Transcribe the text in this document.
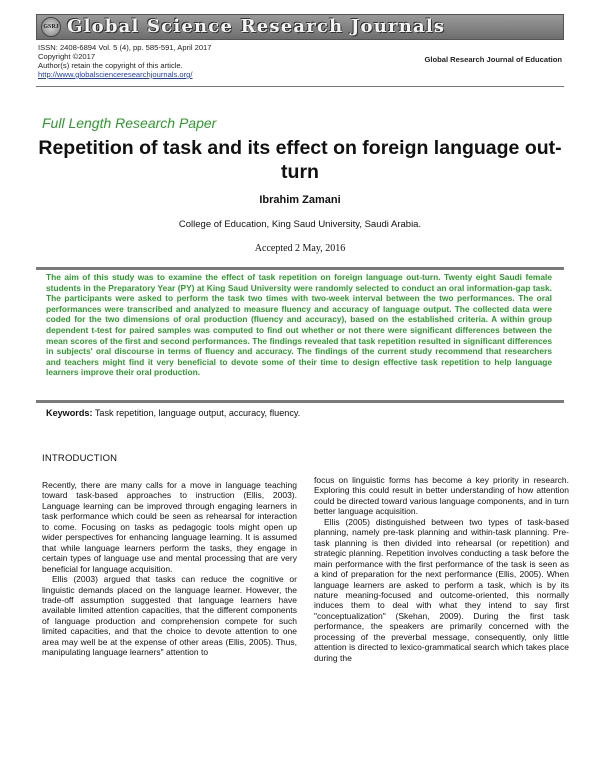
GSRJ Global Science Research Journals
ISSN: 2408-6894 Vol. 5 (4), pp. 585-591, April 2017
Copyright ©2017
Author(s) retain the copyright of this article.
http://www.globalscienceresearchjournals.org/
Global Research Journal of Education
Full Length Research Paper
Repetition of task and its effect on foreign language out-turn
Ibrahim Zamani
College of Education, King Saud University, Saudi Arabia.
Accepted 2 May, 2016
The aim of this study was to examine the effect of task repetition on foreign language out-turn. Twenty eight Saudi female students in the Preparatory Year (PY) at King Saud University were randomly selected to conduct an oral information-gap task. The participants were asked to perform the task two times with two-week interval between the two performances. The oral performances were transcribed and analyzed to measure fluency and accuracy of language output. The collected data were coded for the two dimensions of oral production (fluency and accuracy), based on the established criteria. A within group dependent t-test for paired samples was computed to find out whether or not there were significant differences between the mean scores of the first and second performances. The findings revealed that task repetition resulted in significant differences in subjects' oral discourse in terms of fluency and accuracy. The findings of the current study recommend that researchers and teachers might find it very beneficial to devote some of their time to design effective task repetition to help language learners improve their oral production.
Keywords: Task repetition, language output, accuracy, fluency.
INTRODUCTION

Recently, there are many calls for a move in language teaching toward task-based approaches to instruction (Ellis, 2003). Language learning can be improved through engaging learners in task performance which could be seen as rehearsal for interaction to come. Focusing on tasks as pedagogic tools might open up wider perspectives for enhancing language learning. It is assumed that while language learners perform the tasks, they engage in certain types of language use and mental processing that are very beneficial for language acquisition.

Ellis (2003) argued that tasks can reduce the cognitive or linguistic demands placed on the language learner. However, the trade-off assumption suggested that language learners have available limited attention capacities, that the different components of language production and comprehension compete for such limited capacities, and that the choice to devote attention to one area may well be at the expense of other areas (Ellis, 2005). Thus, manipulating language learners" attention to

focus on linguistic forms has become a key priority in research. Exploring this could result in better understanding of how attention could be directed toward various language components, and in turn better language acquisition.

Ellis (2005) distinguished between two types of task-based planning, namely pre-task planning and within-task planning. Pre-task planning is then divided into rehearsal (or repetition) and strategic planning. Repetition involves conducting a task before the main performance with the first performance of the task is seen as a kind of preparation for the next performance (Ellis, 2005). When language learners are asked to perform a task, which is by its nature meaning-focused and outcome-oriented, this normally induces them to deal with what they intend to say first "conceptualization" (Skehan, 2009). During the first task performance, the speakers are primarily concerned with the processing of the preverbal message, consequently, only little attention is directed to lexico-grammatical search which takes place during the
